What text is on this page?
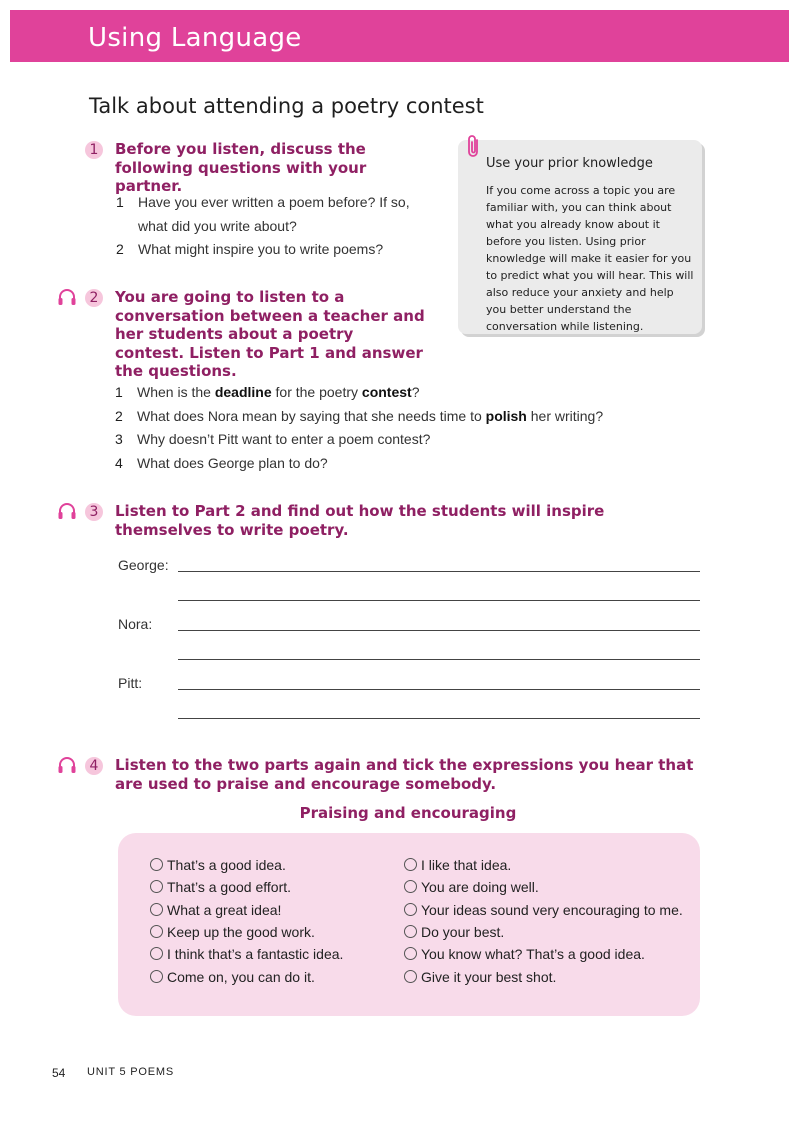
Using Language
Talk about attending a poetry contest
1	Before you listen, discuss the following questions with your partner.
1 Have you ever written a poem before? If so,
what did you write about?
2 What might inspire you to write poems?
Use your prior knowledge
If you come across a topic you are familiar with, you can think about what you already know about it before you listen. Using prior knowledge will make it easier for you to predict what you will hear. This will also reduce your anxiety and help you better understand the conversation while listening.
2	You are going to listen to a conversation between a teacher and her students about a poetry contest. Listen to Part 1 and answer the questions.
1 When is the deadline for the poetry contest?
2 What does Nora mean by saying that she needs time to polish her writing?
3 Why doesn’t Pitt want to enter a poem contest?
4 What does George plan to do?
3	Listen to Part 2 and find out how the students will inspire themselves to write poetry.
George:
Nora:
Pitt:
4	Listen to the two parts again and tick the expressions you hear that are used to praise and encourage somebody.
Praising and encouraging
That’s a good idea.
That’s a good effort.
What a great idea!
Keep up the good work.
I think that’s a fantastic idea.
Come on, you can do it.
I like that idea.
You are doing well.
Your ideas sound very encouraging to me.
Do your best.
You know what? That’s a good idea.
Give it your best shot.
54 UNIT 5 POEMS
